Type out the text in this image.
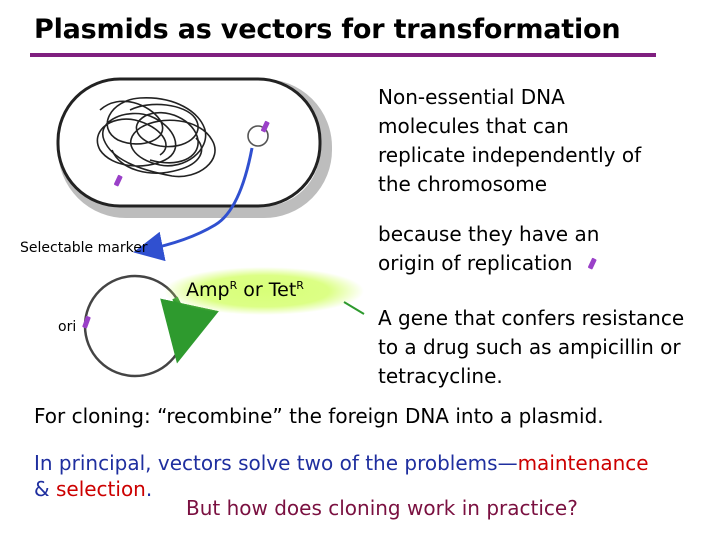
Plasmids as vectors for transformation
Selectable marker
ori
Amp$^R$ or Tet$^R$
Non-essential DNA
molecules that can
replicate independently of
the chromosome
because they have an
origin of replication
A gene that confers resistance
to a drug such as ampicillin or
tetracycline.
For cloning: “recombine” the foreign DNA into a plasmid.
In principal, vectors solve two of the problems—maintenance
& selection.
But how does cloning work in practice?
